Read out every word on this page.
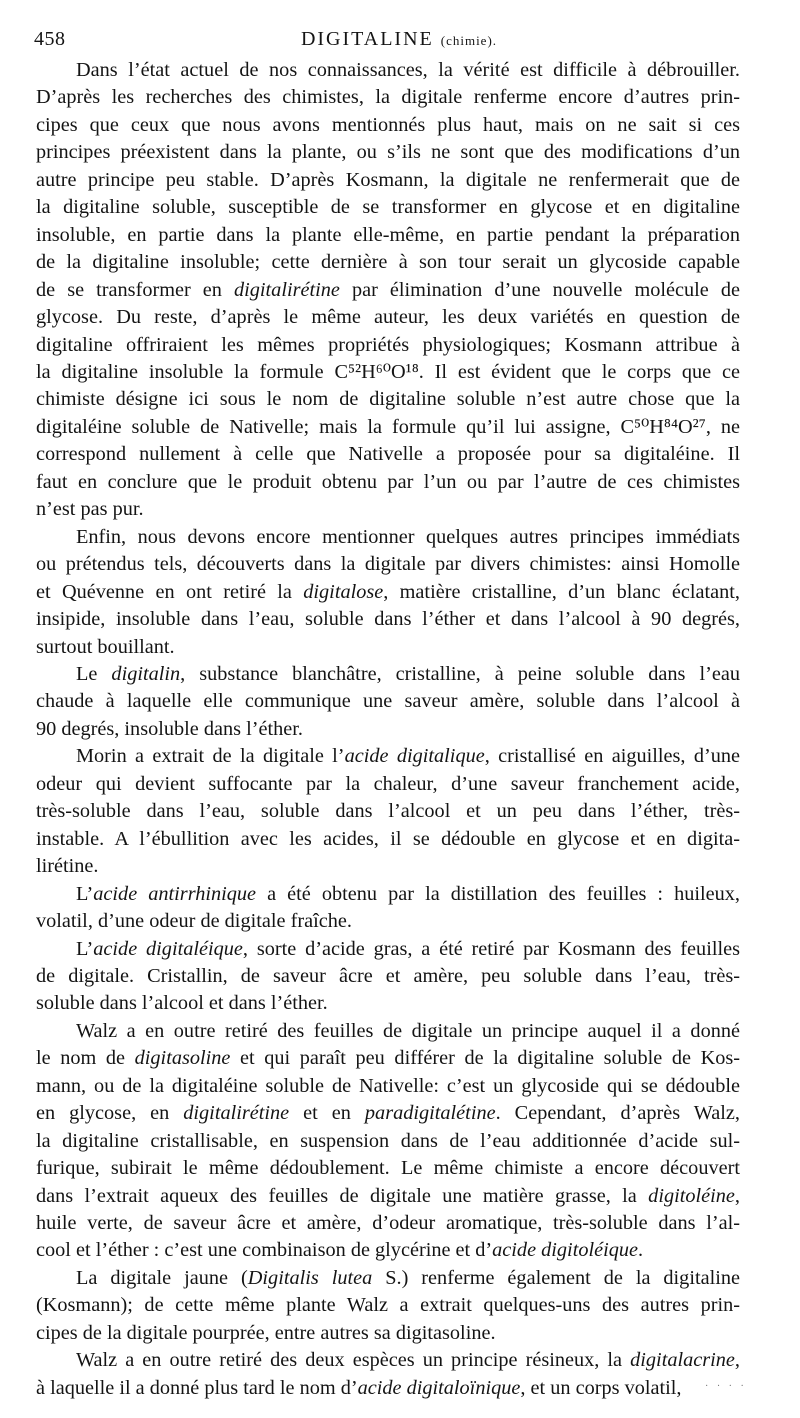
458	DIGITALINE (chimie).

Dans l’état actuel de nos connaissances, la vérité est difficile à débrouiller.
D’après les recherches des chimistes, la digitale renferme encore d’autres prin-
cipes que ceux que nous avons mentionnés plus haut, mais on ne sait si ces
principes préexistent dans la plante, ou s’ils ne sont que des modifications d’un
autre principe peu stable. D’après Kosmann, la digitale ne renfermerait que de
la digitaline soluble, susceptible de se transformer en glycose et en digitaline
insoluble, en partie dans la plante elle-même, en partie pendant la préparation
de la digitaline insoluble; cette dernière à son tour serait un glycoside capable
de se transformer en digitalirétine par élimination d’une nouvelle molécule de
glycose. Du reste, d’après le même auteur, les deux variétés en question de
digitaline offriraient les mêmes propriétés physiologiques; Kosmann attribue à
la digitaline insoluble la formule C⁵²H⁶⁰O¹⁸. Il est évident que le corps que ce
chimiste désigne ici sous le nom de digitaline soluble n’est autre chose que la
digitaléine soluble de Nativelle; mais la formule qu’il lui assigne, C⁵⁰H⁸⁴O²⁷, ne
correspond nullement à celle que Nativelle a proposée pour sa digitaléine. Il
faut en conclure que le produit obtenu par l’un ou par l’autre de ces chimistes
n’est pas pur.

Enfin, nous devons encore mentionner quelques autres principes immédiats
ou prétendus tels, découverts dans la digitale par divers chimistes: ainsi Homolle
et Quévenne en ont retiré la digitalose, matière cristalline, d’un blanc éclatant,
insipide, insoluble dans l’eau, soluble dans l’éther et dans l’alcool à 90 degrés,
surtout bouillant.

Le digitalin, substance blanchâtre, cristalline, à peine soluble dans l’eau
chaude à laquelle elle communique une saveur amère, soluble dans l’alcool à
90 degrés, insoluble dans l’éther.

Morin a extrait de la digitale l’acide digitalique, cristallisé en aiguilles, d’une
odeur qui devient suffocante par la chaleur, d’une saveur franchement acide,
très-soluble dans l’eau, soluble dans l’alcool et un peu dans l’éther, très-
instable. A l’ébullition avec les acides, il se dédouble en glycose et en digita-
lirétine.

L’acide antirrhinique a été obtenu par la distillation des feuilles : huileux,
volatil, d’une odeur de digitale fraîche.

L’acide digitaléique, sorte d’acide gras, a été retiré par Kosmann des feuilles
de digitale. Cristallin, de saveur âcre et amère, peu soluble dans l’eau, très-
soluble dans l’alcool et dans l’éther.

Walz a en outre retiré des feuilles de digitale un principe auquel il a donné
le nom de digitasoline et qui paraît peu différer de la digitaline soluble de Kos-
mann, ou de la digitaléine soluble de Nativelle: c’est un glycoside qui se dédouble
en glycose, en digitalirétine et en paradigitalétine. Cependant, d’après Walz,
la digitaline cristallisable, en suspension dans de l’eau additionnée d’acide sul-
furique, subirait le même dédoublement. Le même chimiste a encore découvert
dans l’extrait aqueux des feuilles de digitale une matière grasse, la digitoléine,
huile verte, de saveur âcre et amère, d’odeur aromatique, très-soluble dans l’al-
cool et l’éther : c’est une combinaison de glycérine et d’acide digitoléique.

La digitale jaune (Digitalis lutea S.) renferme également de la digitaline
(Kosmann); de cette même plante Walz a extrait quelques-uns des autres prin-
cipes de la digitale pourprée, entre autres sa digitasoline.

Walz a en outre retiré des deux espèces un principe résineux, la digitalacrine,
à laquelle il a donné plus tard le nom d’acide digitaloïnique, et un corps volatil,	· · · ·
